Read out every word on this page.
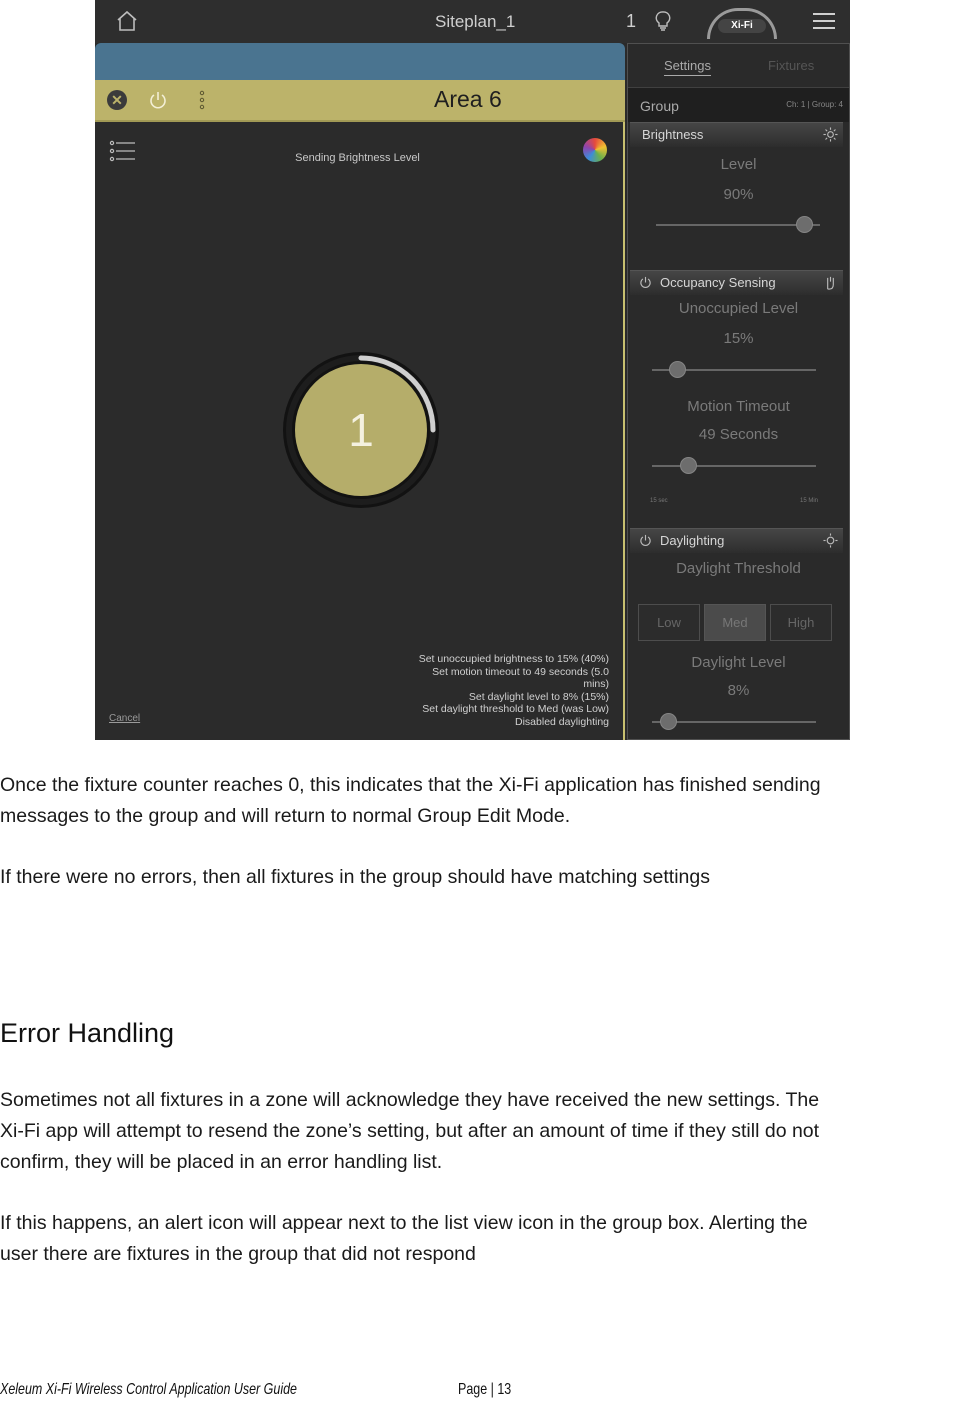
Siteplan_1	1	Xi-Fi
✕	Area 6
Sending Brightness Level
1
Set unoccupied brightness to 15% (40%)
Set motion timeout to 49 seconds (5.0
mins)
Set daylight level to 8% (15%)
Set daylight threshold to Med (was Low)
Disabled daylighting
Cancel
Settings	Fixtures
Group	Ch: 1 | Group: 4
Brightness
Level
90%
Occupancy Sensing
Unoccupied Level
15%
Motion Timeout
49 Seconds
15 sec	15 Min
Daylighting
Daylight Threshold
Low	Med	High
Daylight Level
8%
Once the fixture counter reaches 0, this indicates that the Xi-Fi application has finished sending
messages to the group and will return to normal Group Edit Mode.
If there were no errors, then all fixtures in the group should have matching settings
Error Handling
Sometimes not all fixtures in a zone will acknowledge they have received the new settings. The
Xi-Fi app will attempt to resend the zone’s setting, but after an amount of time if they still do not
confirm, they will be placed in an error handling list.
If this happens, an alert icon will appear next to the list view icon in the group box. Alerting the
user there are fixtures in the group that did not respond
Xeleum Xi-Fi Wireless Control Application User Guide	Page | 13
